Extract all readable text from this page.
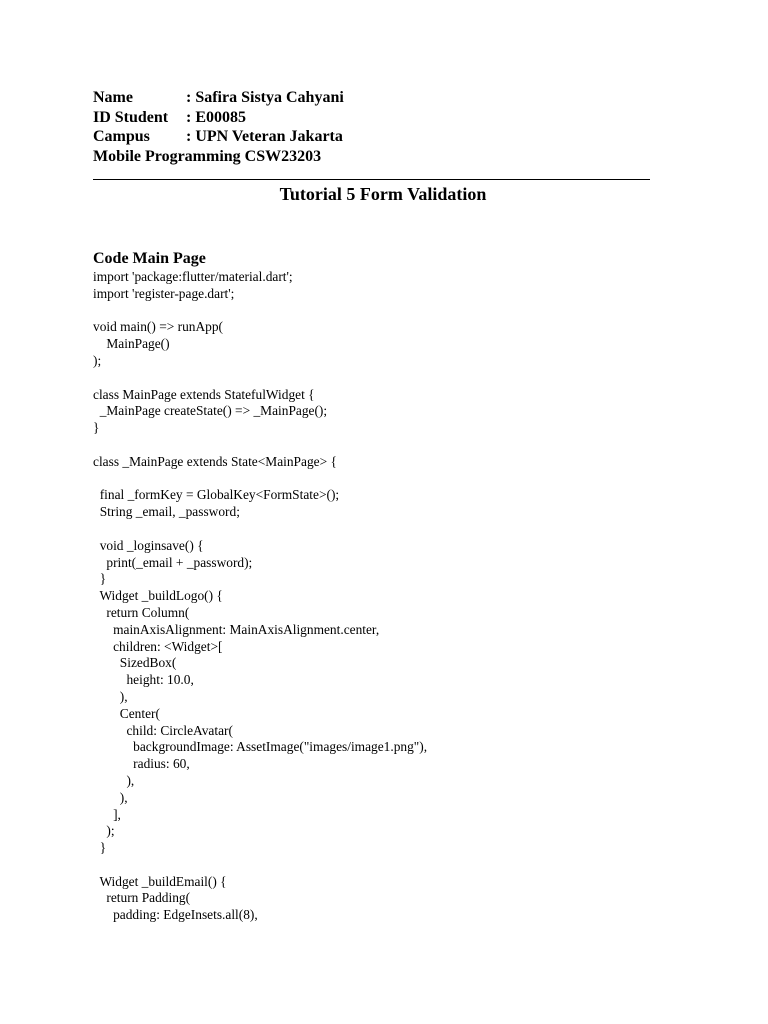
Name	: Safira Sistya Cahyani
ID Student	: E00085
Campus	: UPN Veteran Jakarta
Mobile Programming CSW23203
Tutorial 5 Form Validation
Code Main Page
import 'package:flutter/material.dart';
import 'register-page.dart';
void main() => runApp(
MainPage()
);
class MainPage extends StatefulWidget {
_MainPage createState() => _MainPage();
}
class _MainPage extends State<MainPage> {
final _formKey = GlobalKey<FormState>();
String _email, _password;
void _loginsave() {
print(_email + _password);
}
Widget _buildLogo() {
return Column(
mainAxisAlignment: MainAxisAlignment.center,
children: <Widget>[
SizedBox(
height: 10.0,
),
Center(
child: CircleAvatar(
backgroundImage: AssetImage("images/image1.png"),
radius: 60,
),
),
],
);
}
Widget _buildEmail() {
return Padding(
padding: EdgeInsets.all(8),
